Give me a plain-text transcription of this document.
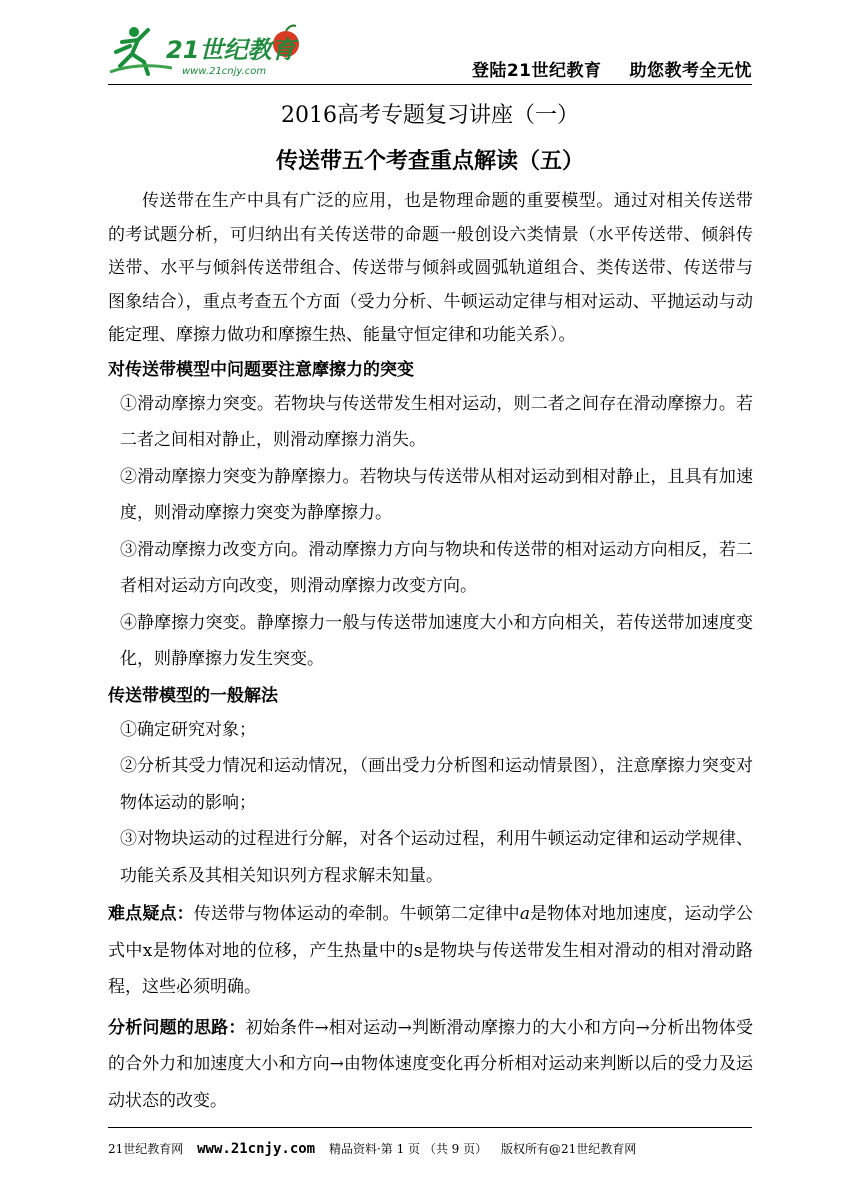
21世纪教育
www.21cnjy.com	登陆21世纪教育 助您教考全无忧
2016高考专题复习讲座（一）
传送带五个考查重点解读（五）

传送带在生产中具有广泛的应用，也是物理命题的重要模型。通过对相关传送带的考试题分析，可归纳出有关传送带的命题一般创设六类情景（水平传送带、倾斜传送带、水平与倾斜传送带组合、传送带与倾斜或圆弧轨道组合、类传送带、传送带与图象结合），重点考查五个方面（受力分析、牛顿运动定律与相对运动、平抛运动与动能定理、摩擦力做功和摩擦生热、能量守恒定律和功能关系）。

对传送带模型中问题要注意摩擦力的突变

①滑动摩擦力突变。若物块与传送带发生相对运动，则二者之间存在滑动摩擦力。若二者之间相对静止，则滑动摩擦力消失。

②滑动摩擦力突变为静摩擦力。若物块与传送带从相对运动到相对静止，且具有加速度，则滑动摩擦力突变为静摩擦力。

③滑动摩擦力改变方向。滑动摩擦力方向与物块和传送带的相对运动方向相反，若二者相对运动方向改变，则滑动摩擦力改变方向。

④静摩擦力突变。静摩擦力一般与传送带加速度大小和方向相关，若传送带加速度变化，则静摩擦力发生突变。

传送带模型的一般解法

①确定研究对象；

②分析其受力情况和运动情况，（画出受力分析图和运动情景图），注意摩擦力突变对物体运动的影响；

③对物块运动的过程进行分解，对各个运动过程，利用牛顿运动定律和运动学规律、功能关系及其相关知识列方程求解未知量。

难点疑点：传送带与物体运动的牵制。牛顿第二定律中a是物体对地加速度，运动学公式中x是物体对地的位移，产生热量中的s是物块与传送带发生相对滑动的相对滑动路程，这些必须明确。

分析问题的思路：初始条件→相对运动→判断滑动摩擦力的大小和方向→分析出物体受的合外力和加速度大小和方向→由物体速度变化再分析相对运动来判断以后的受力及运动状态的改变。

21世纪教育网 www.21cnjy.com 精品资料·第 1 页 （共 9 页） 版权所有@21世纪教育网
